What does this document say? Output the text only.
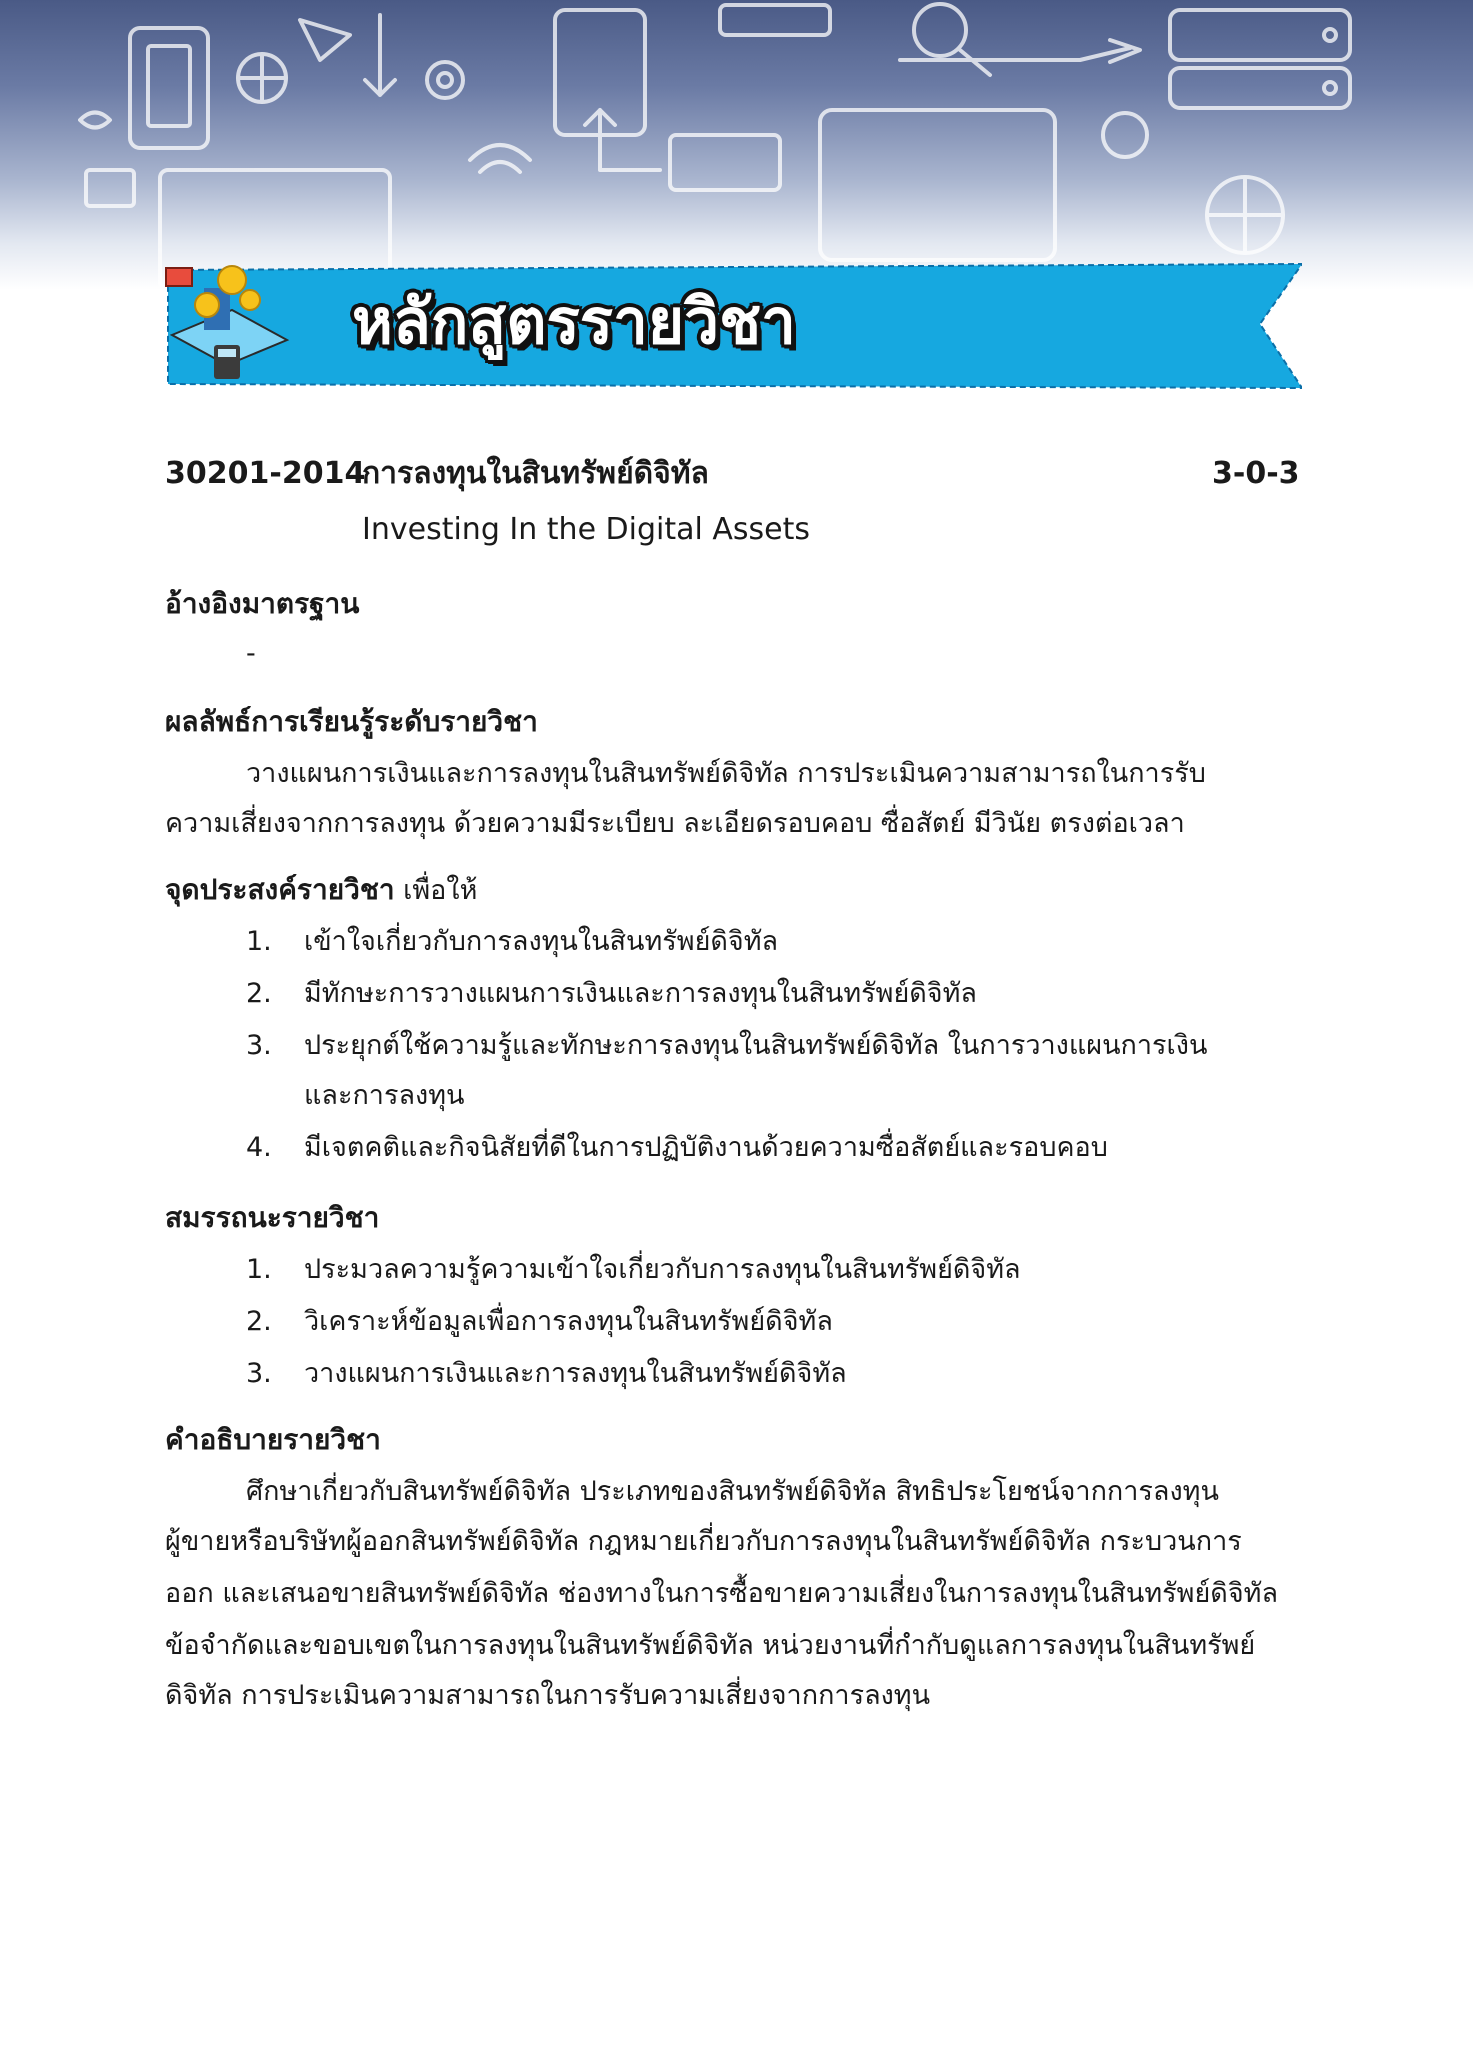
หลักสูตรรายวิชา
30201-2014
การลงทุนในสินทรัพย์ดิจิทัล	3-0-3
Investing In the Digital Assets
อ้างอิงมาตรฐาน
-
ผลลัพธ์การเรียนรู้ระดับรายวิชา
วางแผนการเงินและการลงทุนในสินทรัพย์ดิจิทัล การประเมินความสามารถในการรับ
ความเสี่ยงจากการลงทุน ด้วยความมีระเบียบ ละเอียดรอบคอบ ซื่อสัตย์ มีวินัย ตรงต่อเวลา
จุดประสงค์รายวิชา เพื่อให้
1. เข้าใจเกี่ยวกับการลงทุนในสินทรัพย์ดิจิทัล
2. มีทักษะการวางแผนการเงินและการลงทุนในสินทรัพย์ดิจิทัล
3. ประยุกต์ใช้ความรู้และทักษะการลงทุนในสินทรัพย์ดิจิทัล ในการวางแผนการเงิน
และการลงทุน
4. มีเจตคติและกิจนิสัยที่ดีในการปฏิบัติงานด้วยความซื่อสัตย์และรอบคอบ
สมรรถนะรายวิชา
1. ประมวลความรู้ความเข้าใจเกี่ยวกับการลงทุนในสินทรัพย์ดิจิทัล
2. วิเคราะห์ข้อมูลเพื่อการลงทุนในสินทรัพย์ดิจิทัล
3. วางแผนการเงินและการลงทุนในสินทรัพย์ดิจิทัล
คำอธิบายรายวิชา
ศึกษาเกี่ยวกับสินทรัพย์ดิจิทัล ประเภทของสินทรัพย์ดิจิทัล สิทธิประโยชน์จากการลงทุน
ผู้ขายหรือบริษัทผู้ออกสินทรัพย์ดิจิทัล กฎหมายเกี่ยวกับการลงทุนในสินทรัพย์ดิจิทัล กระบวนการ
ออก และเสนอขายสินทรัพย์ดิจิทัล ช่องทางในการซื้อขายความเสี่ยงในการลงทุนในสินทรัพย์ดิจิทัล
ข้อจำกัดและขอบเขตในการลงทุนในสินทรัพย์ดิจิทัล หน่วยงานที่กำกับดูแลการลงทุนในสินทรัพย์
ดิจิทัล การประเมินความสามารถในการรับความเสี่ยงจากการลงทุน
